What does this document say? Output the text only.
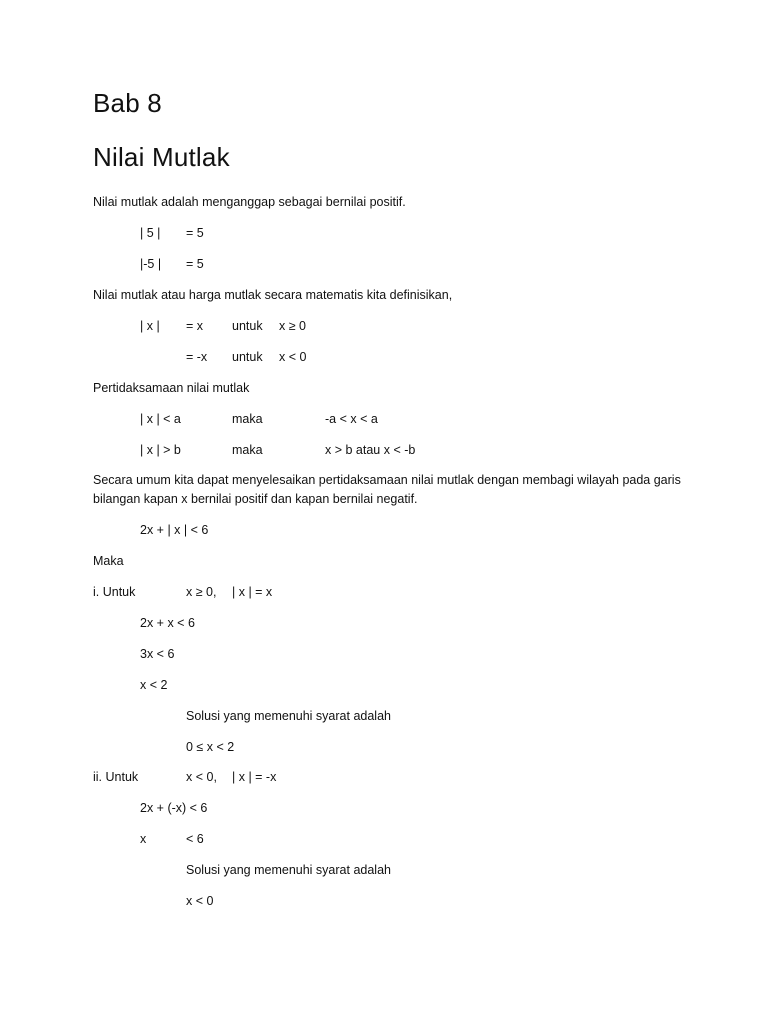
Bab 8
Nilai Mutlak
Nilai mutlak adalah menganggap sebagai bernilai positif.
| 5 | = 5
|-5 | = 5
Nilai mutlak atau harga mutlak secara matematis kita definisikan,
| x | = x untuk x ≥ 0
= -x untuk x < 0
Pertidaksamaan nilai mutlak
| x | < a	maka	-a < x < a
| x | > b	maka	x > b atau x < -b
Secara umum kita dapat menyelesaikan pertidaksamaan nilai mutlak dengan membagi wilayah pada garis bilangan kapan x bernilai positif dan kapan bernilai negatif.
2x + | x | < 6
Maka
i. Untuk	x ≥ 0, | x | = x
2x + x < 6
3x < 6
x < 2
Solusi yang memenuhi syarat adalah
0 ≤ x < 2
ii. Untuk	x < 0, | x | = -x
2x + (-x) < 6
x	< 6
Solusi yang memenuhi syarat adalah
x < 0
